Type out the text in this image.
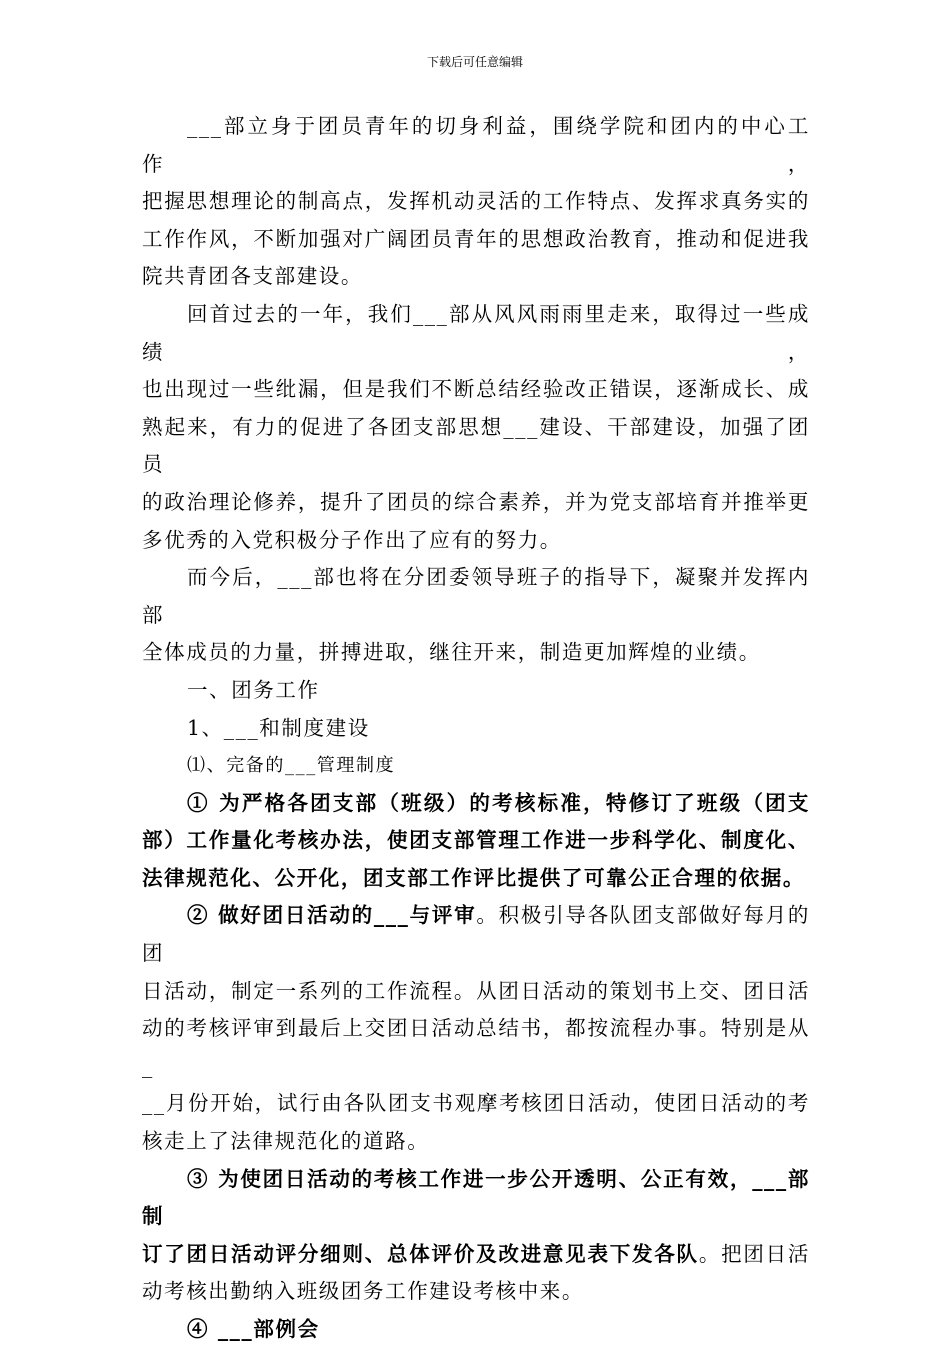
下载后可任意编辑

___部立身于团员青年的切身利益，围绕学院和团内的中心工作，

把握思想理论的制高点，发挥机动灵活的工作特点、发挥求真务实的

工作作风，不断加强对广阔团员青年的思想政治教育，推动和促进我

院共青团各支部建设。

回首过去的一年，我们___部从风风雨雨里走来，取得过一些成绩，

也出现过一些纰漏，但是我们不断总结经验改正错误，逐渐成长、成

熟起来，有力的促进了各团支部思想___建设、干部建设，加强了团员

的政治理论修养，提升了团员的综合素养，并为党支部培育并推举更

多优秀的入党积极分子作出了应有的努力。

而今后，___部也将在分团委领导班子的指导下，凝聚并发挥内部

全体成员的力量，拼搏进取，继往开来，制造更加辉煌的业绩。

一、团务工作

1、___和制度建设

⑴、完备的___管理制度

① 为严格各团支部（班级）的考核标准，特修订了班级（团支

部）工作量化考核办法，使团支部管理工作进一步科学化、制度化、

法律规范化、公开化，团支部工作评比提供了可靠公正合理的依据。

② 做好团日活动的___与评审。积极引导各队团支部做好每月的团

日活动，制定一系列的工作流程。从团日活动的策划书上交、团日活

动的考核评审到最后上交团日活动总结书，都按流程办事。特别是从_

__月份开始，试行由各队团支书观摩考核团日活动，使团日活动的考

核走上了法律规范化的道路。

③ 为使团日活动的考核工作进一步公开透明、公正有效，___部制

订了团日活动评分细则、总体评价及改进意见表下发各队。把团日活

动考核出勤纳入班级团务工作建设考核中来。

④ ___部例会
